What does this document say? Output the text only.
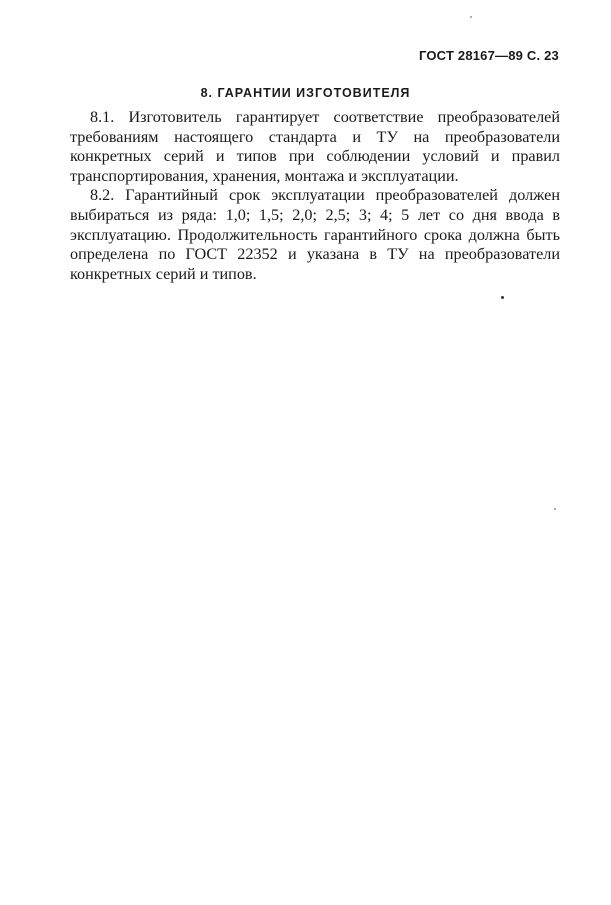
ГОСТ 28167—89 С. 23
8. ГАРАНТИИ ИЗГОТОВИТЕЛЯ

8.1. Изготовитель гарантирует соответствие преобразователей требованиям настоящего стандарта и ТУ на преобразователи конкретных серий и типов при соблюдении условий и правил транспортирования, хранения, монтажа и эксплуатации.

8.2. Гарантийный срок эксплуатации преобразователей должен выбираться из ряда: 1,0; 1,5; 2,0; 2,5; 3; 4; 5 лет со дня ввода в эксплуатацию. Продолжительность гарантийного срока должна быть определена по ГОСТ 22352 и указана в ТУ на преобразователи конкретных серий и типов.
